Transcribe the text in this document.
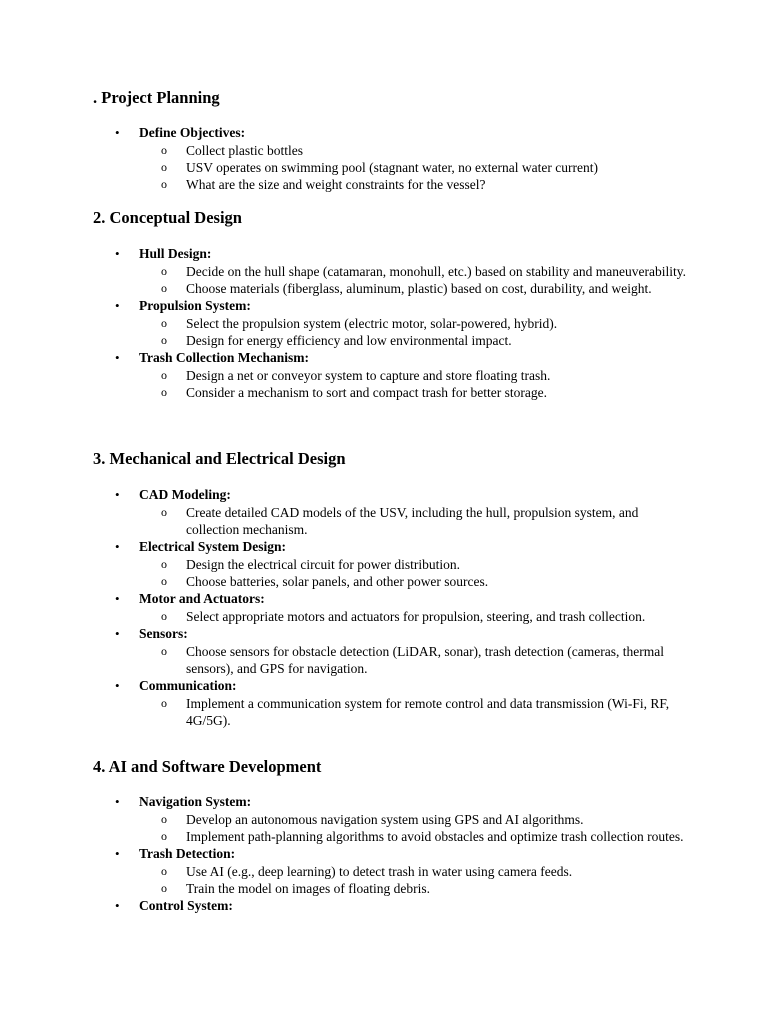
. Project Planning
• Define Objectives:
o Collect plastic bottles
o USV operates on swimming pool (stagnant water, no external water current)
o What are the size and weight constraints for the vessel?
2. Conceptual Design
• Hull Design:
o Decide on the hull shape (catamaran, monohull, etc.) based on stability and maneuverability.
o Choose materials (fiberglass, aluminum, plastic) based on cost, durability, and weight.
• Propulsion System:
o Select the propulsion system (electric motor, solar-powered, hybrid).
o Design for energy efficiency and low environmental impact.
• Trash Collection Mechanism:
o Design a net or conveyor system to capture and store floating trash.
o Consider a mechanism to sort and compact trash for better storage.
3. Mechanical and Electrical Design
• CAD Modeling:
o Create detailed CAD models of the USV, including the hull, propulsion system, and collection mechanism.
• Electrical System Design:
o Design the electrical circuit for power distribution.
o Choose batteries, solar panels, and other power sources.
• Motor and Actuators:
o Select appropriate motors and actuators for propulsion, steering, and trash collection.
• Sensors:
o Choose sensors for obstacle detection (LiDAR, sonar), trash detection (cameras, thermal sensors), and GPS for navigation.
• Communication:
o Implement a communication system for remote control and data transmission (Wi-Fi, RF, 4G/5G).
4. AI and Software Development
• Navigation System:
o Develop an autonomous navigation system using GPS and AI algorithms.
o Implement path-planning algorithms to avoid obstacles and optimize trash collection routes.
• Trash Detection:
o Use AI (e.g., deep learning) to detect trash in water using camera feeds.
o Train the model on images of floating debris.
• Control System:
